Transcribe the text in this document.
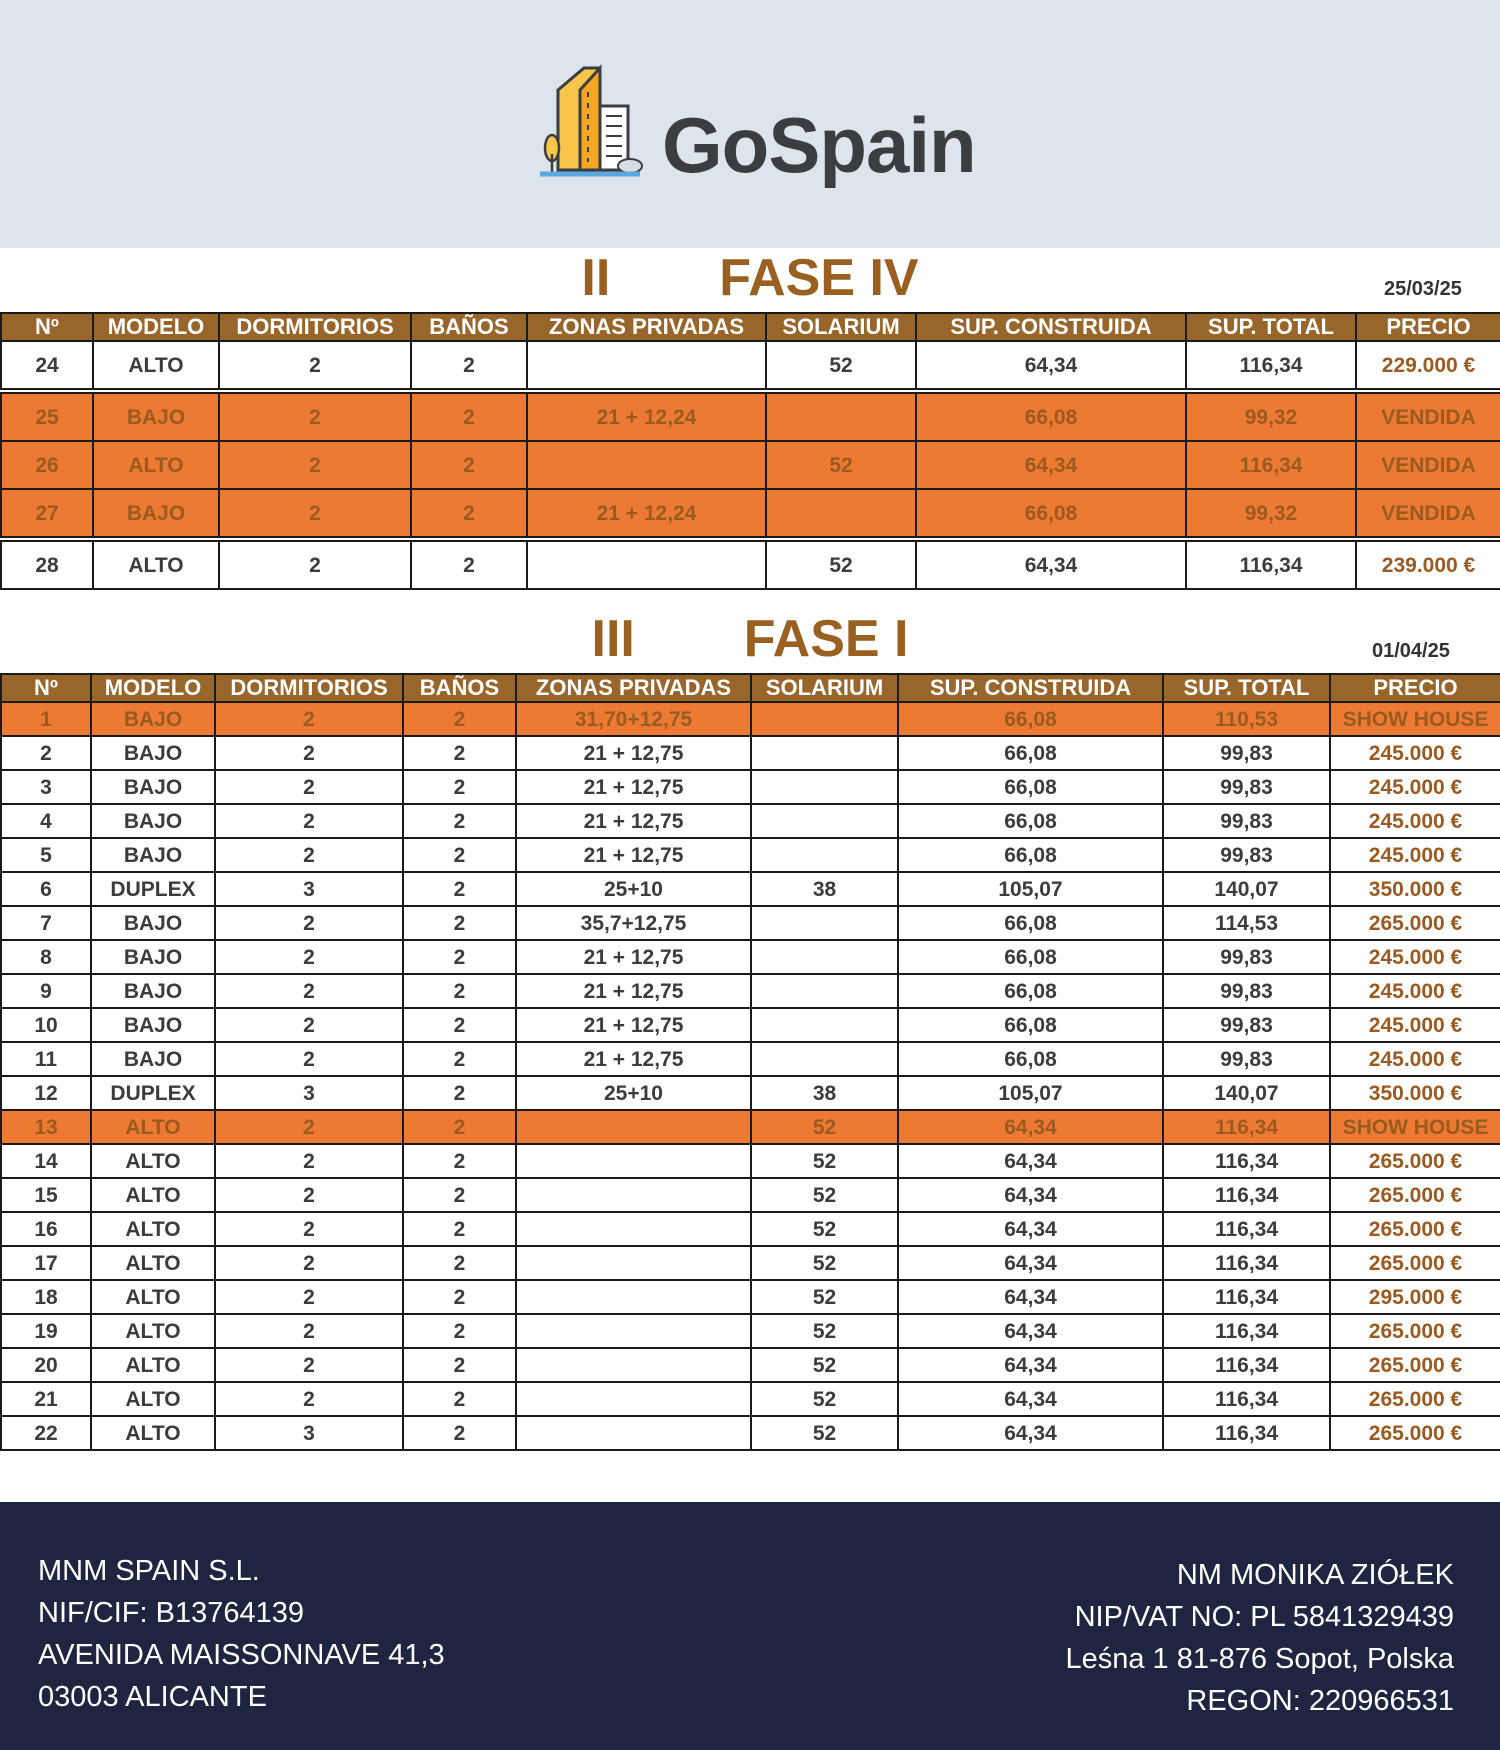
GoSpain
II FASE IV	25/03/25
Nº	MODELO	DORMITORIOS	BAÑOS	ZONAS PRIVADAS	SOLARIUM	SUP. CONSTRUIDA	SUP. TOTAL	PRECIO
24	ALTO	2	2		52	64,34	116,34	229.000 €

25	BAJO	2	2	21 + 12,24		66,08	99,32	VENDIDA
26	ALTO	2	2		52	64,34	116,34	VENDIDA
27	BAJO	2	2	21 + 12,24		66,08	99,32	VENDIDA

28	ALTO	2	2		52	64,34	116,34	239.000 €
III FASE I	01/04/25
Nº	MODELO	DORMITORIOS	BAÑOS	ZONAS PRIVADAS	SOLARIUM	SUP. CONSTRUIDA	SUP. TOTAL	PRECIO
1	BAJO	2	2	31,70+12,75		66,08	110,53	SHOW HOUSE
2	BAJO	2	2	21 + 12,75		66,08	99,83	245.000 €
3	BAJO	2	2	21 + 12,75		66,08	99,83	245.000 €
4	BAJO	2	2	21 + 12,75		66,08	99,83	245.000 €
5	BAJO	2	2	21 + 12,75		66,08	99,83	245.000 €
6	DUPLEX	3	2	25+10	38	105,07	140,07	350.000 €
7	BAJO	2	2	35,7+12,75		66,08	114,53	265.000 €
8	BAJO	2	2	21 + 12,75		66,08	99,83	245.000 €
9	BAJO	2	2	21 + 12,75		66,08	99,83	245.000 €
10	BAJO	2	2	21 + 12,75		66,08	99,83	245.000 €
11	BAJO	2	2	21 + 12,75		66,08	99,83	245.000 €
12	DUPLEX	3	2	25+10	38	105,07	140,07	350.000 €
13	ALTO	2	2		52	64,34	116,34	SHOW HOUSE
14	ALTO	2	2		52	64,34	116,34	265.000 €
15	ALTO	2	2		52	64,34	116,34	265.000 €
16	ALTO	2	2		52	64,34	116,34	265.000 €
17	ALTO	2	2		52	64,34	116,34	265.000 €
18	ALTO	2	2		52	64,34	116,34	295.000 €
19	ALTO	2	2		52	64,34	116,34	265.000 €
20	ALTO	2	2		52	64,34	116,34	265.000 €
21	ALTO	2	2		52	64,34	116,34	265.000 €
22	ALTO	3	2		52	64,34	116,34	265.000 €
MNM SPAIN S.L.
NIF/CIF: B13764139
AVENIDA MAISSONNAVE 41,3
03003 ALICANTE
NM MONIKA ZIÓŁEK
NIP/VAT NO: PL 5841329439
Leśna 1 81-876 Sopot, Polska
REGON: 220966531
